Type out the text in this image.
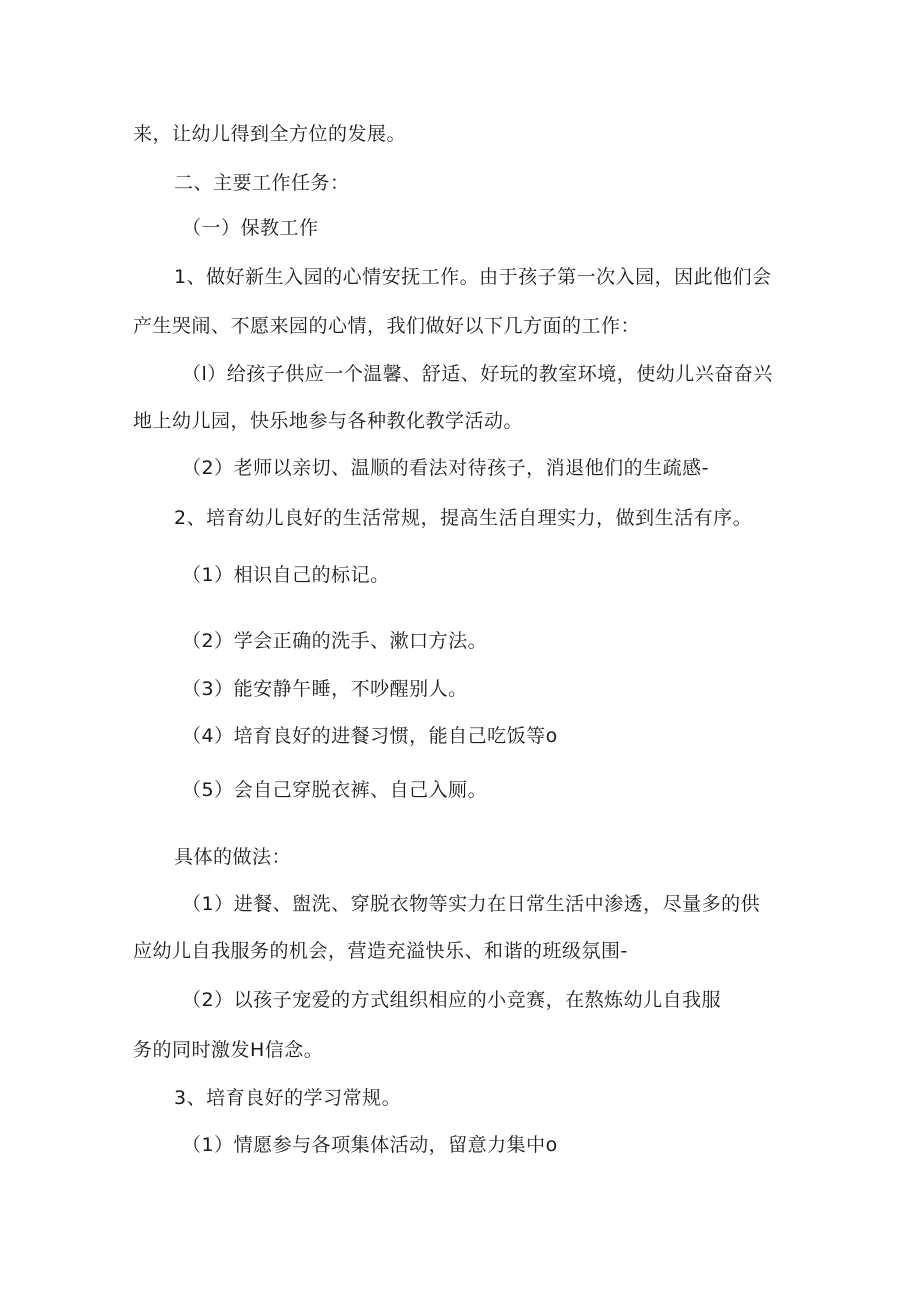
来，让幼儿得到全方位的发展。
二、主要工作任务：
（一）保教工作
1、做好新生入园的心情安抚工作。由于孩子第一次入园，因此他们会
产生哭闹、不愿来园的心情，我们做好以下几方面的工作：
（l）给孩子供应一个温馨、舒适、好玩的教室环境，使幼儿兴奋奋兴
地上幼儿园，快乐地参与各种教化教学活动。
（2）老师以亲切、温顺的看法对待孩子，消退他们的生疏感-
2、培育幼儿良好的生活常规，提高生活自理实力，做到生活有序。
（1）相识自己的标记。
（2）学会正确的洗手、漱口方法。
（3）能安静午睡，不吵醒别人。
（4）培育良好的进餐习惯，能自己吃饭等o
（5）会自己穿脱衣裤、自己入厕。
具体的做法：
（1）进餐、盥洗、穿脱衣物等实力在日常生活中渗透，尽量多的供
应幼儿自我服务的机会，营造充溢快乐、和谐的班级氛围-
（2）以孩子宠爱的方式组织相应的小竞赛，在熬炼幼儿自我服
务的同时激发H信念。
3、培育良好的学习常规。
（1）情愿参与各项集体活动，留意力集中o
